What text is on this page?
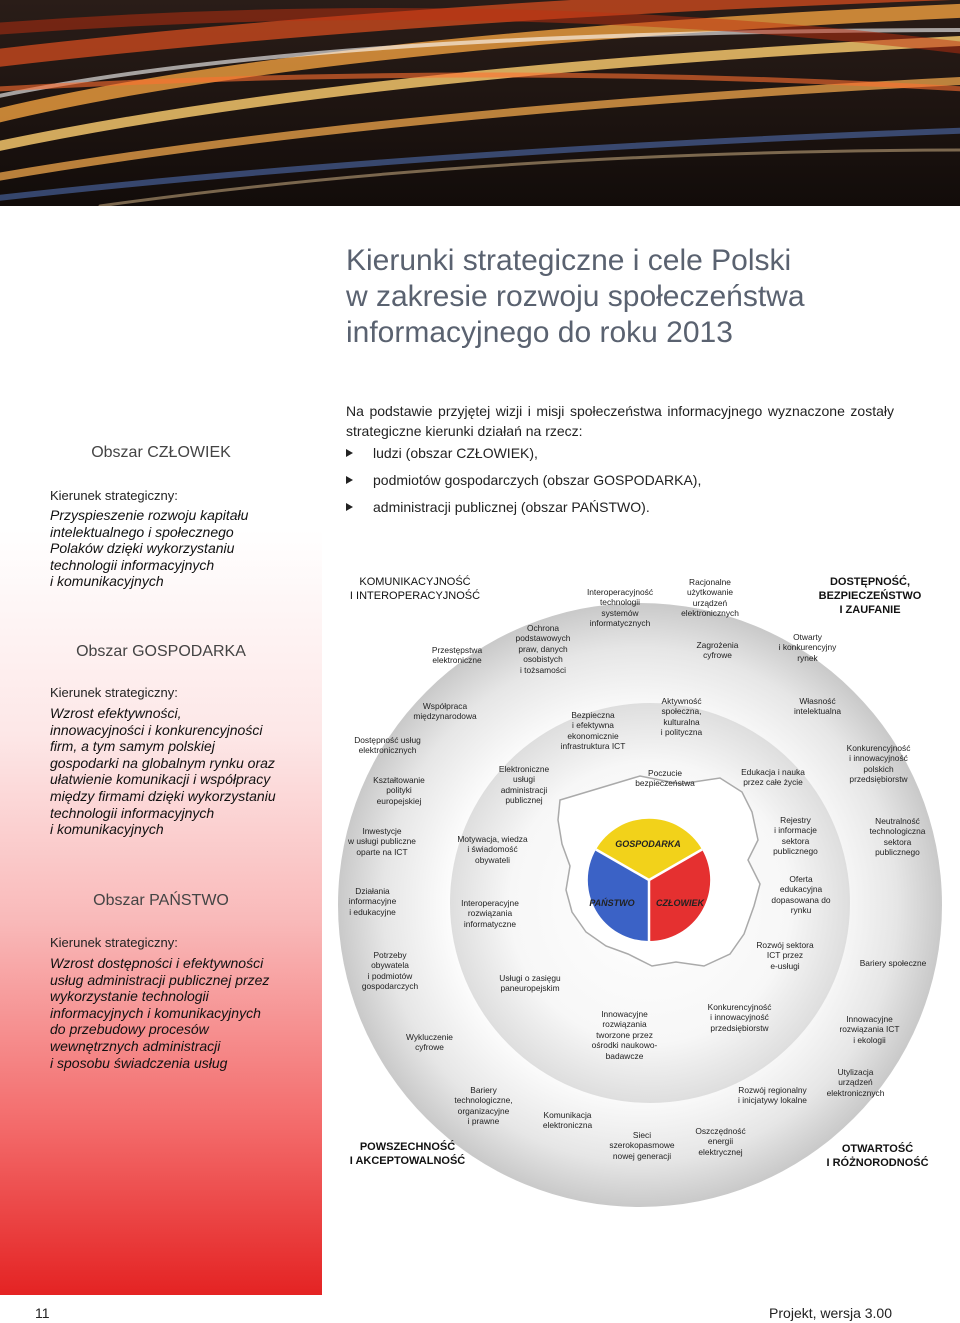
Obszar CZŁOWIEK
Kierunek strategiczny:
Przyspieszenie rozwoju kapitału
intelektualnego i społecznego
Polaków dzięki wykorzystaniu
technologii informacyjnych
i komunikacyjnych
Obszar GOSPODARKA
Kierunek strategiczny:
Wzrost efektywności,
innowacyjności i konkurencyjności
firm, a tym samym polskiej
gospodarki na globalnym rynku oraz
ułatwienie komunikacji i współpracy
między firmami dzięki wykorzystaniu
technologii informacyjnych
i komunikacyjnych
Obszar PAŃSTWO
Kierunek strategiczny:
Wzrost dostępności i efektywności
usług administracji publicznej przez
wykorzystanie technologii
informacyjnych i komunikacyjnych
do przebudowy procesów
wewnętrznych administracji
i sposobu świadczenia usług
Kierunki strategiczne i cele Polski
w zakresie rozwoju społeczeństwa
informacyjnego do roku 2013
Na podstawie przyjętej wizji i misji społeczeństwa informacyjnego wyznaczone zostały strategiczne kierunki działań na rzecz:
ludzi (obszar CZŁOWIEK),
podmiotów gospodarczych (obszar GOSPODARKA),
administracji publicznej (obszar PAŃSTWO).
GOSPODARKA
PAŃSTWO	CZŁOWIEK
KOMUNIKACYJNOŚĆ
I INTEROPERACYJNOŚĆ
DOSTĘPNOŚĆ,
BEZPIECZEŃSTWO
I ZAUFANIE
POWSZECHNOŚĆ
I AKCEPTOWALNOŚĆ
OTWARTOŚĆ
I RÓŻNORODNOŚĆ
Przestępstwa
elektroniczne
Ochrona
podstawowych
praw, danych
osobistych
i tożsamości
Interoperacyjność
technologii
systemów
informatycznych
Racjonalne
użytkowanie
urządzeń
elektronicznych
Zagrożenia
cyfrowe
Otwarty
i konkurencyjny
rynek
Współpraca
międzynarodowa
Dostępność usług
elektronicznych
Kształtowanie
polityki
europejskiej
Inwestycje
w usługi publiczne
oparte na ICT
Działania
informacyjne
i edukacyjne
Potrzeby
obywatela
i podmiotów
gospodarczych
Wykluczenie
cyfrowe
Bariery
technologiczne,
organizacyjne
i prawne
Komunikacja
elektroniczna
Sieci
szerokopasmowe
nowej generacji
Oszczędność
energii
elektrycznej
Rozwój regionalny
i inicjatywy lokalne
Utylizacja
urządzeń
elektronicznych
Innowacyjne
rozwiązania ICT
i ekologii
Bariery społeczne
Rozwój sektora
ICT przez
e-usługi
Konkurencyjność
i innowacyjność
przedsiębiorstw
Oferta
edukacyjna
dopasowana do
rynku
Neutralność
technologiczna
sektora
publicznego
Rejestry
i informacje
sektora
publicznego
Konkurencyjność
i innowacyjność
polskich
przedsiębiorstw
Edukacja i nauka
przez całe życie
Własność
intelektualna
Aktywność
społeczna,
kulturalna
i polityczna
Bezpieczna
i efektywna
ekonomicznie
infrastruktura ICT
Poczucie
bezpieczeństwa
Elektroniczne
usługi
administracji
publicznej
Motywacja, wiedza
i świadomość
obywateli
Interoperacyjne
rozwiązania
informatyczne
Usługi o zasięgu
paneuropejskim
Innowacyjne
rozwiązania
tworzone przez
ośrodki naukowo-
badawcze
11	Projekt, wersja 3.00
